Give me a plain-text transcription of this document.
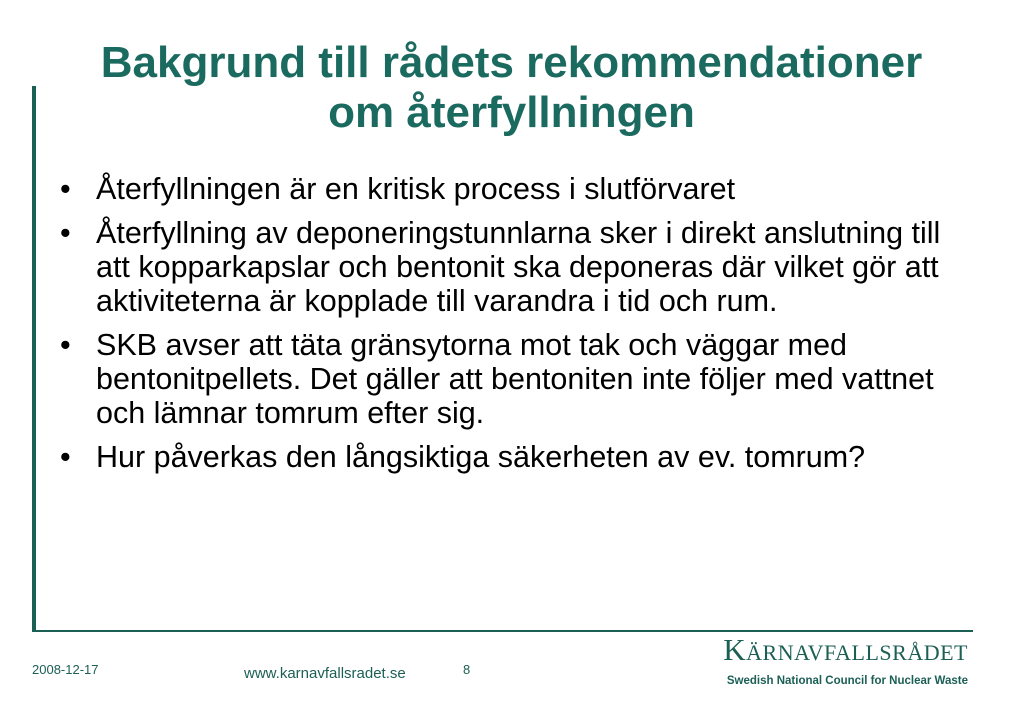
Bakgrund till rådets rekommendationer
om återfyllningen
• Återfyllningen är en kritisk process i slutförvaret
• Återfyllning av deponeringstunnlarna sker i direkt anslutning till att kopparkapslar och bentonit ska deponeras där vilket gör att aktiviteterna är kopplade till varandra i tid och rum.
• SKB avser att täta gränsytorna mot tak och väggar med bentonitpellets. Det gäller att bentoniten inte följer med vattnet och lämnar tomrum efter sig.
• Hur påverkas den långsiktiga säkerheten av ev. tomrum?
2008-12-17	www.karnavfallsradet.se	8
KÄRNAVFALLSRÅDET
Swedish National Council for Nuclear Waste
